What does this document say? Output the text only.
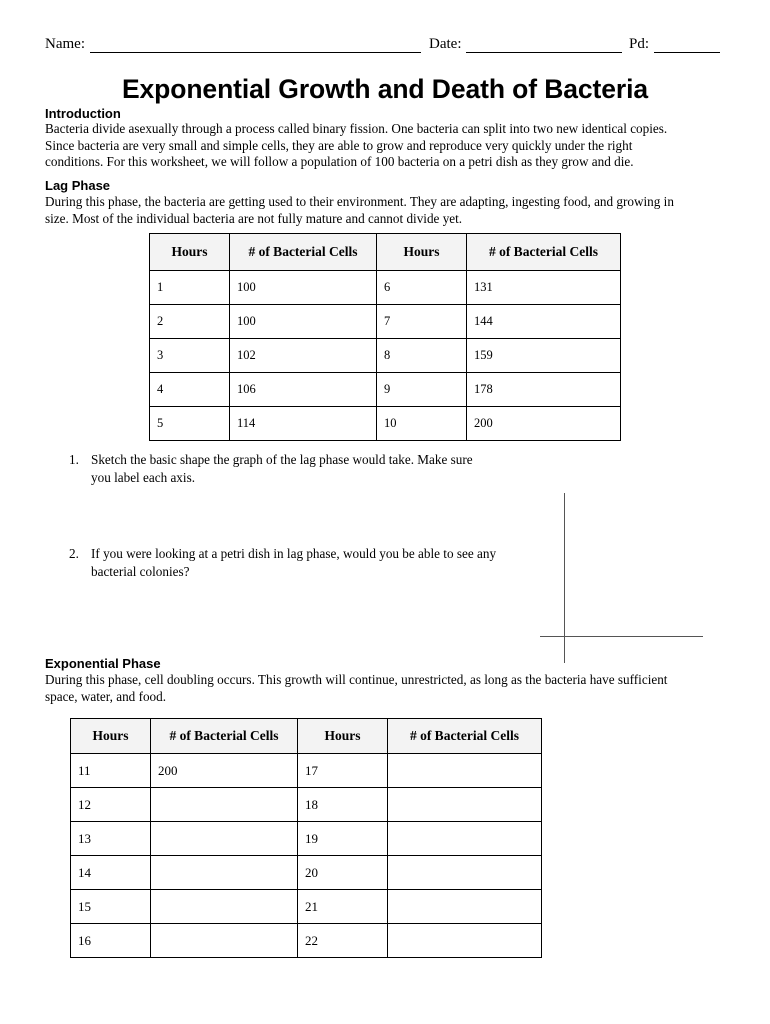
Name:	Date:	Pd:
Exponential Growth and Death of Bacteria
Introduction
Bacteria divide asexually through a process called binary fission. One bacteria can split into two new identical copies.
Since bacteria are very small and simple cells, they are able to grow and reproduce very quickly under the right
conditions. For this worksheet, we will follow a population of 100 bacteria on a petri dish as they grow and die.
Lag Phase
During this phase, the bacteria are getting used to their environment. They are adapting, ingesting food, and growing in
size. Most of the individual bacteria are not fully mature and cannot divide yet.
Hours	# of Bacterial Cells	Hours	# of Bacterial Cells
1	100	6	131
2	100	7	144
3	102	8	159
4	106	9	178
5	114	10	200
1. Sketch the basic shape the graph of the lag phase would take. Make sure
you label each axis.
2. If you were looking at a petri dish in lag phase, would you be able to see any
bacterial colonies?
Exponential Phase
During this phase, cell doubling occurs. This growth will continue, unrestricted, as long as the bacteria have sufficient
space, water, and food.
Hours	# of Bacterial Cells	Hours	# of Bacterial Cells
11	200	17	
12		18	
13		19	
14		20	
15		21	
16		22	
